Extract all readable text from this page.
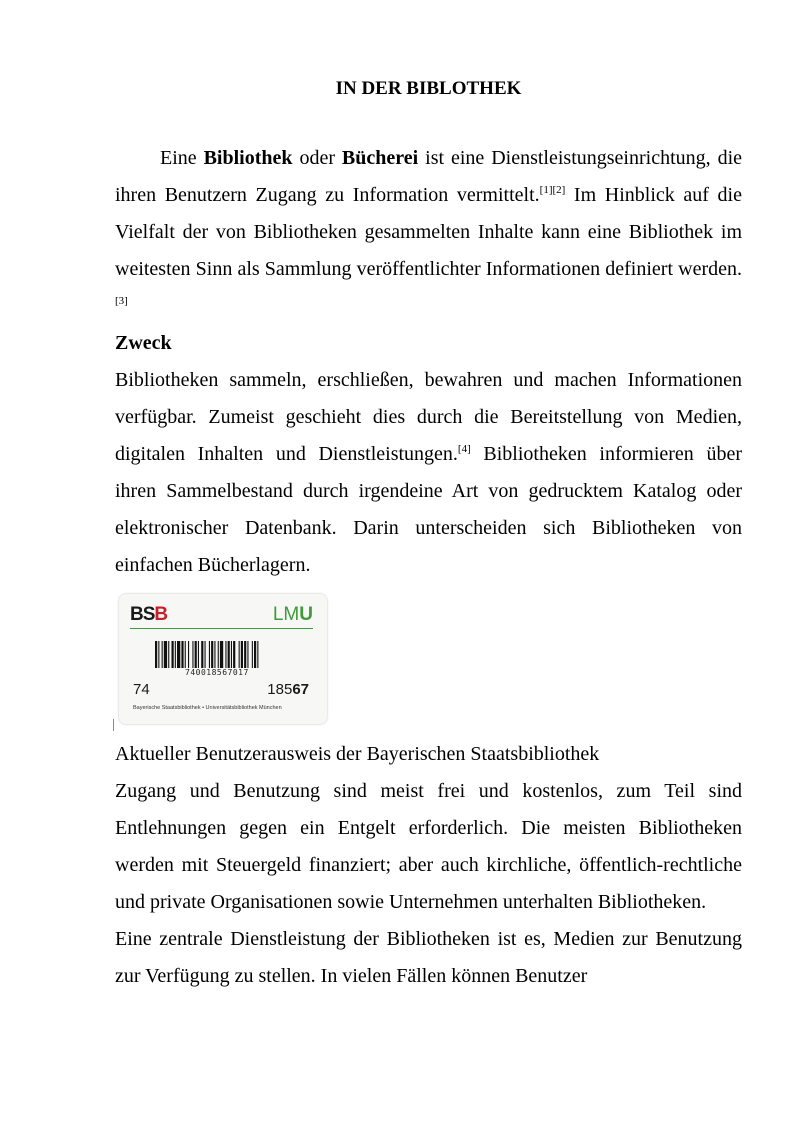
IN DER BIBLOTHEK

Eine Bibliothek oder Bücherei ist eine Dienstleistungseinrichtung, die ihren Benutzern Zugang zu Information vermittelt.[1][2] Im Hinblick auf die Vielfalt der von Bibliotheken gesammelten Inhalte kann eine Bibliothek im weitesten Sinn als Sammlung veröffentlichter Informationen definiert werden.[3]

Zweck

Bibliotheken sammeln, erschließen, bewahren und machen Informationen verfügbar. Zumeist geschieht dies durch die Bereitstellung von Medien, digitalen Inhalten und Dienstleistungen.[4] Bibliotheken informieren über ihren Sammelbestand durch irgendeine Art von gedrucktem Katalog oder elektronischer Datenbank. Darin unterscheiden sich Bibliotheken von einfachen Bücherlagern.

BSB	LMU
740018567017
74	18567
Bayerische Staatsbibliothek • Universitätsbibliothek München

Aktueller Benutzerausweis der Bayerischen Staatsbibliothek

Zugang und Benutzung sind meist frei und kostenlos, zum Teil sind Entlehnungen gegen ein Entgelt erforderlich. Die meisten Bibliotheken werden mit Steuergeld finanziert; aber auch kirchliche, öffentlich-rechtliche und private Organisationen sowie Unternehmen unterhalten Bibliotheken.

Eine zentrale Dienstleistung der Bibliotheken ist es, Medien zur Benutzung zur Verfügung zu stellen. In vielen Fällen können Benutzer
